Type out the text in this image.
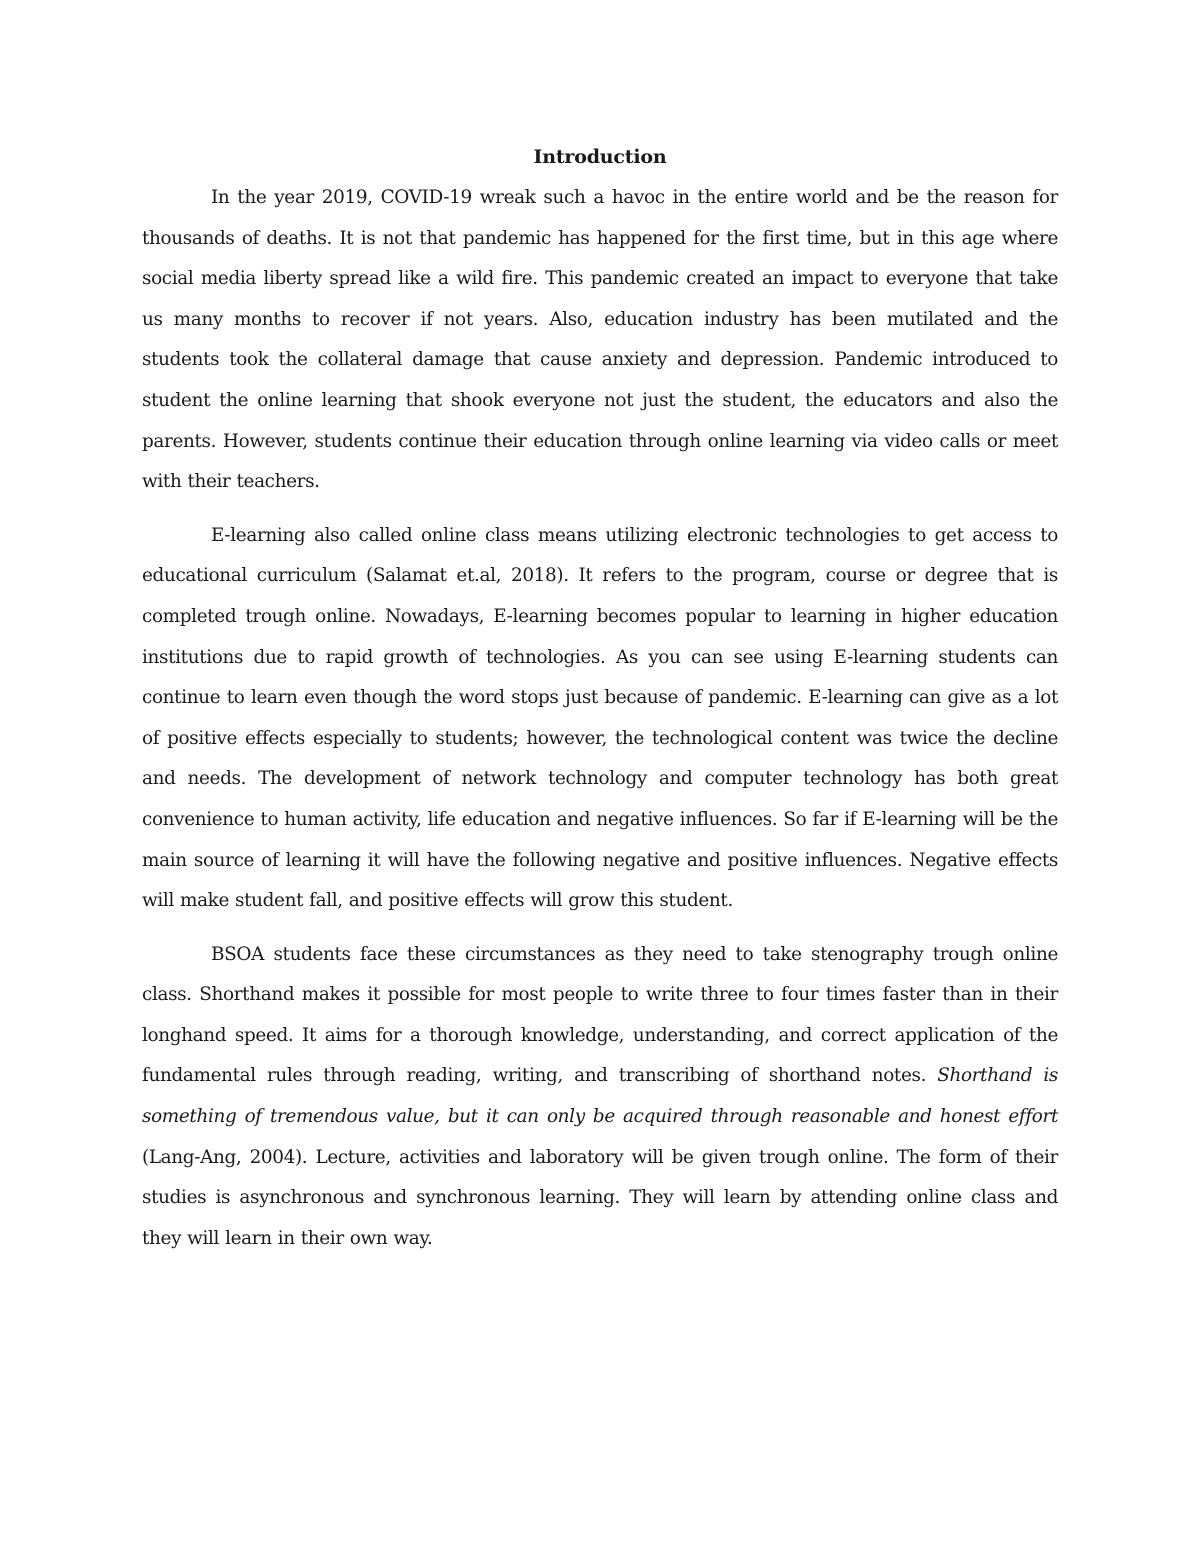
Introduction

In the year 2019, COVID-19 wreak such a havoc in the entire world and be the reason for thousands of deaths. It is not that pandemic has happened for the first time, but in this age where social media liberty spread like a wild fire. This pandemic created an impact to everyone that take us many months to recover if not years. Also, education industry has been mutilated and the students took the collateral damage that cause anxiety and depression. Pandemic introduced to student the online learning that shook everyone not just the student, the educators and also the parents. However, students continue their education through online learning via video calls or meet with their teachers.

E-learning also called online class means utilizing electronic technologies to get access to educational curriculum (Salamat et.al, 2018). It refers to the program, course or degree that is completed trough online. Nowadays, E-learning becomes popular to learning in higher education institutions due to rapid growth of technologies. As you can see using E-learning students can continue to learn even though the word stops just because of pandemic. E-learning can give as a lot of positive effects especially to students; however, the technological content was twice the decline and needs. The development of network technology and computer technology has both great convenience to human activity, life education and negative influences. So far if E-learning will be the main source of learning it will have the following negative and positive influences. Negative effects will make student fall, and positive effects will grow this student.

BSOA students face these circumstances as they need to take stenography trough online class. Shorthand makes it possible for most people to write three to four times faster than in their longhand speed. It aims for a thorough knowledge, understanding, and correct application of the fundamental rules through reading, writing, and transcribing of shorthand notes. Shorthand is something of tremendous value, but it can only be acquired through reasonable and honest effort (Lang-Ang, 2004). Lecture, activities and laboratory will be given trough online. The form of their studies is asynchronous and synchronous learning. They will learn by attending online class and they will learn in their own way.
